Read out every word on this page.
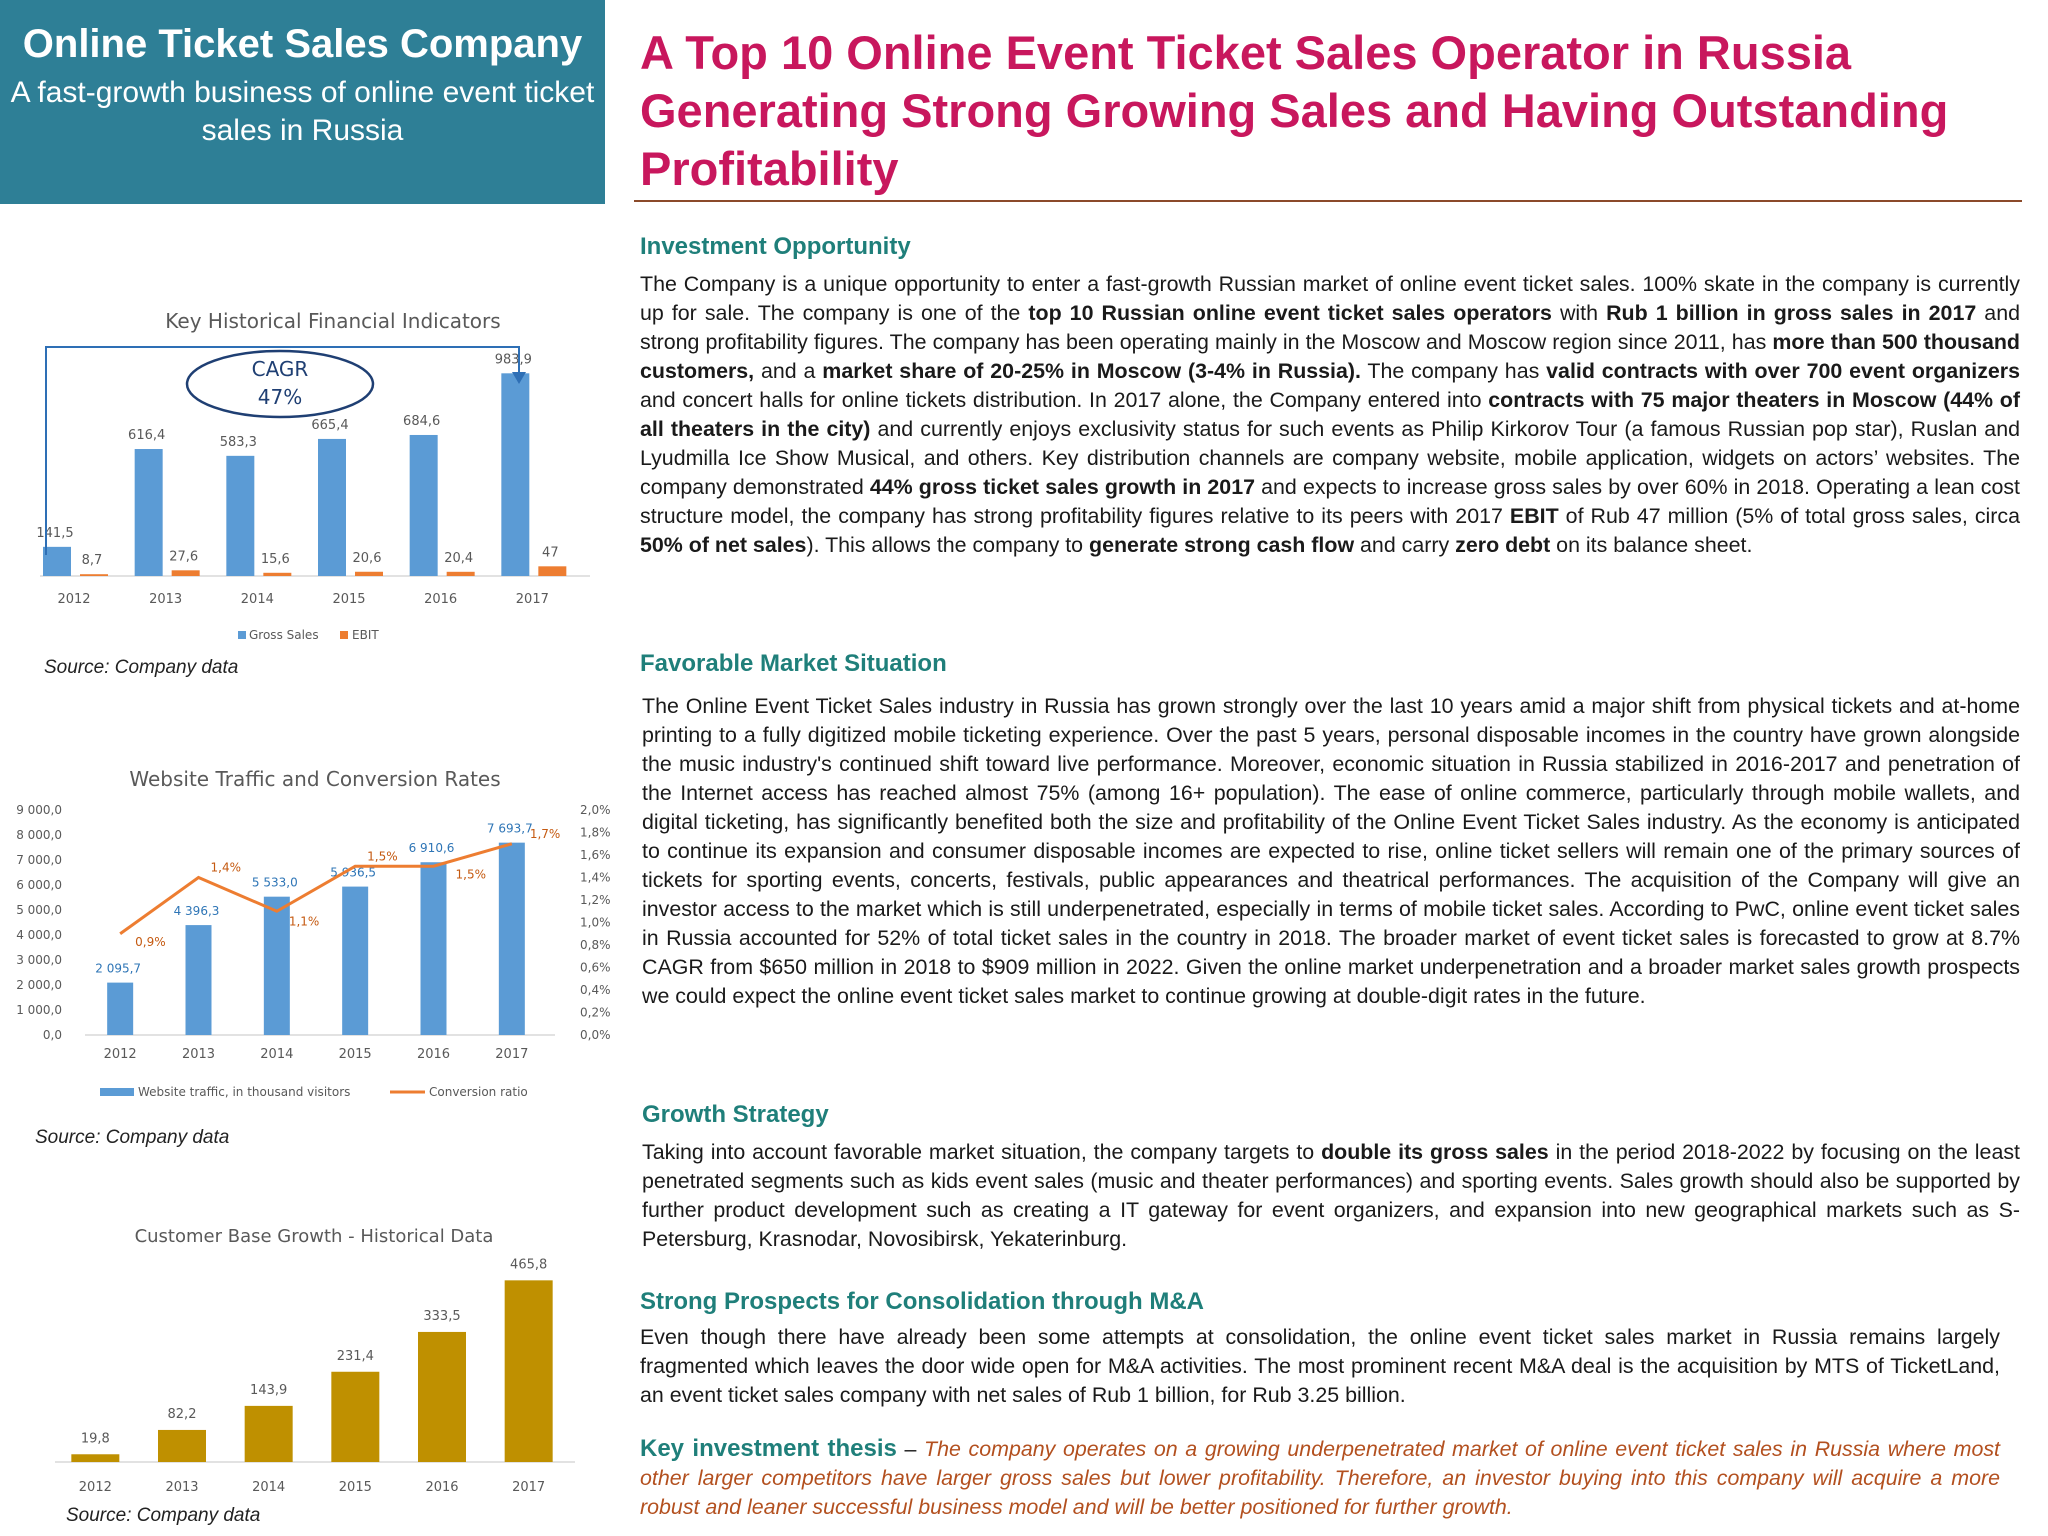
Online Ticket Sales Company
A fast-growth business of online event ticket sales in Russia
A Top 10 Online Event Ticket Sales Operator in Russia Generating Strong Growing Sales and Having Outstanding Profitability
Investment Opportunity
The Company is a unique opportunity to enter a fast-growth Russian market of online event ticket sales. 100% skate in the company is currently up for sale. The company is one of the top 10 Russian online event ticket sales operators with Rub 1 billion in gross sales in 2017 and strong profitability figures. The company has been operating mainly in the Moscow and Moscow region since 2011, has more than 500 thousand customers, and a market share of 20-25% in Moscow (3-4% in Russia). The company has valid contracts with over 700 event organizers and concert halls for online tickets distribution. In 2017 alone, the Company entered into contracts with 75 major theaters in Moscow (44% of all theaters in the city) and currently enjoys exclusivity status for such events as Philip Kirkorov Tour (a famous Russian pop star), Ruslan and Lyudmilla Ice Show Musical, and others. Key distribution channels are company website, mobile application, widgets on actors’ websites. The company demonstrated 44% gross ticket sales growth in 2017 and expects to increase gross sales by over 60% in 2018. Operating a lean cost structure model, the company has strong profitability figures relative to its peers with 2017 EBIT of Rub 47 million (5% of total gross sales, circa 50% of net sales). This allows the company to generate strong cash flow and carry zero debt on its balance sheet.
Favorable Market Situation
The Online Event Ticket Sales industry in Russia has grown strongly over the last 10 years amid a major shift from physical tickets and at-home printing to a fully digitized mobile ticketing experience. Over the past 5 years, personal disposable incomes in the country have grown alongside the music industry's continued shift toward live performance. Moreover, economic situation in Russia stabilized in 2016-2017 and penetration of the Internet access has reached almost 75% (among 16+ population). The ease of online commerce, particularly through mobile wallets, and digital ticketing, has significantly benefited both the size and profitability of the Online Event Ticket Sales industry. As the economy is anticipated to continue its expansion and consumer disposable incomes are expected to rise, online ticket sellers will remain one of the primary sources of tickets for sporting events, concerts, festivals, public appearances and theatrical performances. The acquisition of the Company will give an investor access to the market which is still underpenetrated, especially in terms of mobile ticket sales. According to PwC, online event ticket sales in Russia accounted for 52% of total ticket sales in the country in 2018. The broader market of event ticket sales is forecasted to grow at 8.7% CAGR from $650 million in 2018 to $909 million in 2022. Given the online market underpenetration and a broader market sales growth prospects we could expect the online event ticket sales market to continue growing at double-digit rates in the future.
Growth Strategy
Taking into account favorable market situation, the company targets to double its gross sales in the period 2018-2022 by focusing on the least penetrated segments such as kids event sales (music and theater performances) and sporting events. Sales growth should also be supported by further product development such as creating a IT gateway for event organizers, and expansion into new geographical markets such as S-Petersburg, Krasnodar, Novosibirsk, Yekaterinburg.
Strong Prospects for Consolidation through M&A
Even though there have already been some attempts at consolidation, the online event ticket sales market in Russia remains largely fragmented which leaves the door wide open for M&A activities. The most prominent recent M&A deal is the acquisition by MTS of TicketLand, an event ticket sales company with net sales of Rub 1 billion, for Rub 3.25 billion.
Key investment thesis – The company operates on a growing underpenetrated market of online event ticket sales in Russia where most other larger competitors have larger gross sales but lower profitability. Therefore, an investor buying into this company will acquire a more robust and leaner successful business model and will be better positioned for further growth.
Key Historical Financial Indicators
141,5
8,7
2012
616,4
27,6
2013
583,3
15,6
2014
665,4
20,6
2015
684,6
20,4
2016
983,9
47
2017
CAGR
47%
Gross Sales	EBIT
Source: Company data
Website Traffic and Conversion Rates
0,0
1 000,0
2 000,0
3 000,0
4 000,0
5 000,0
6 000,0
7 000,0
8 000,0
9 000,0
0,0%
0,2%
0,4%
0,6%
0,8%
1,0%
1,2%
1,4%
1,6%
1,8%
2,0%
2 095,7
2012
4 396,3
2013
5 533,0
2014
5 936,5
2015
6 910,6
2016
7 693,7
2017
0,9%
1,4%
1,1%
1,5%
1,5%
1,7%
Website traffic, in thousand visitors	Conversion ratio
Source: Company data
Customer Base Growth - Historical Data
19,8
2012
82,2
2013
143,9
2014
231,4
2015
333,5
2016
465,8
2017
Source: Company data
